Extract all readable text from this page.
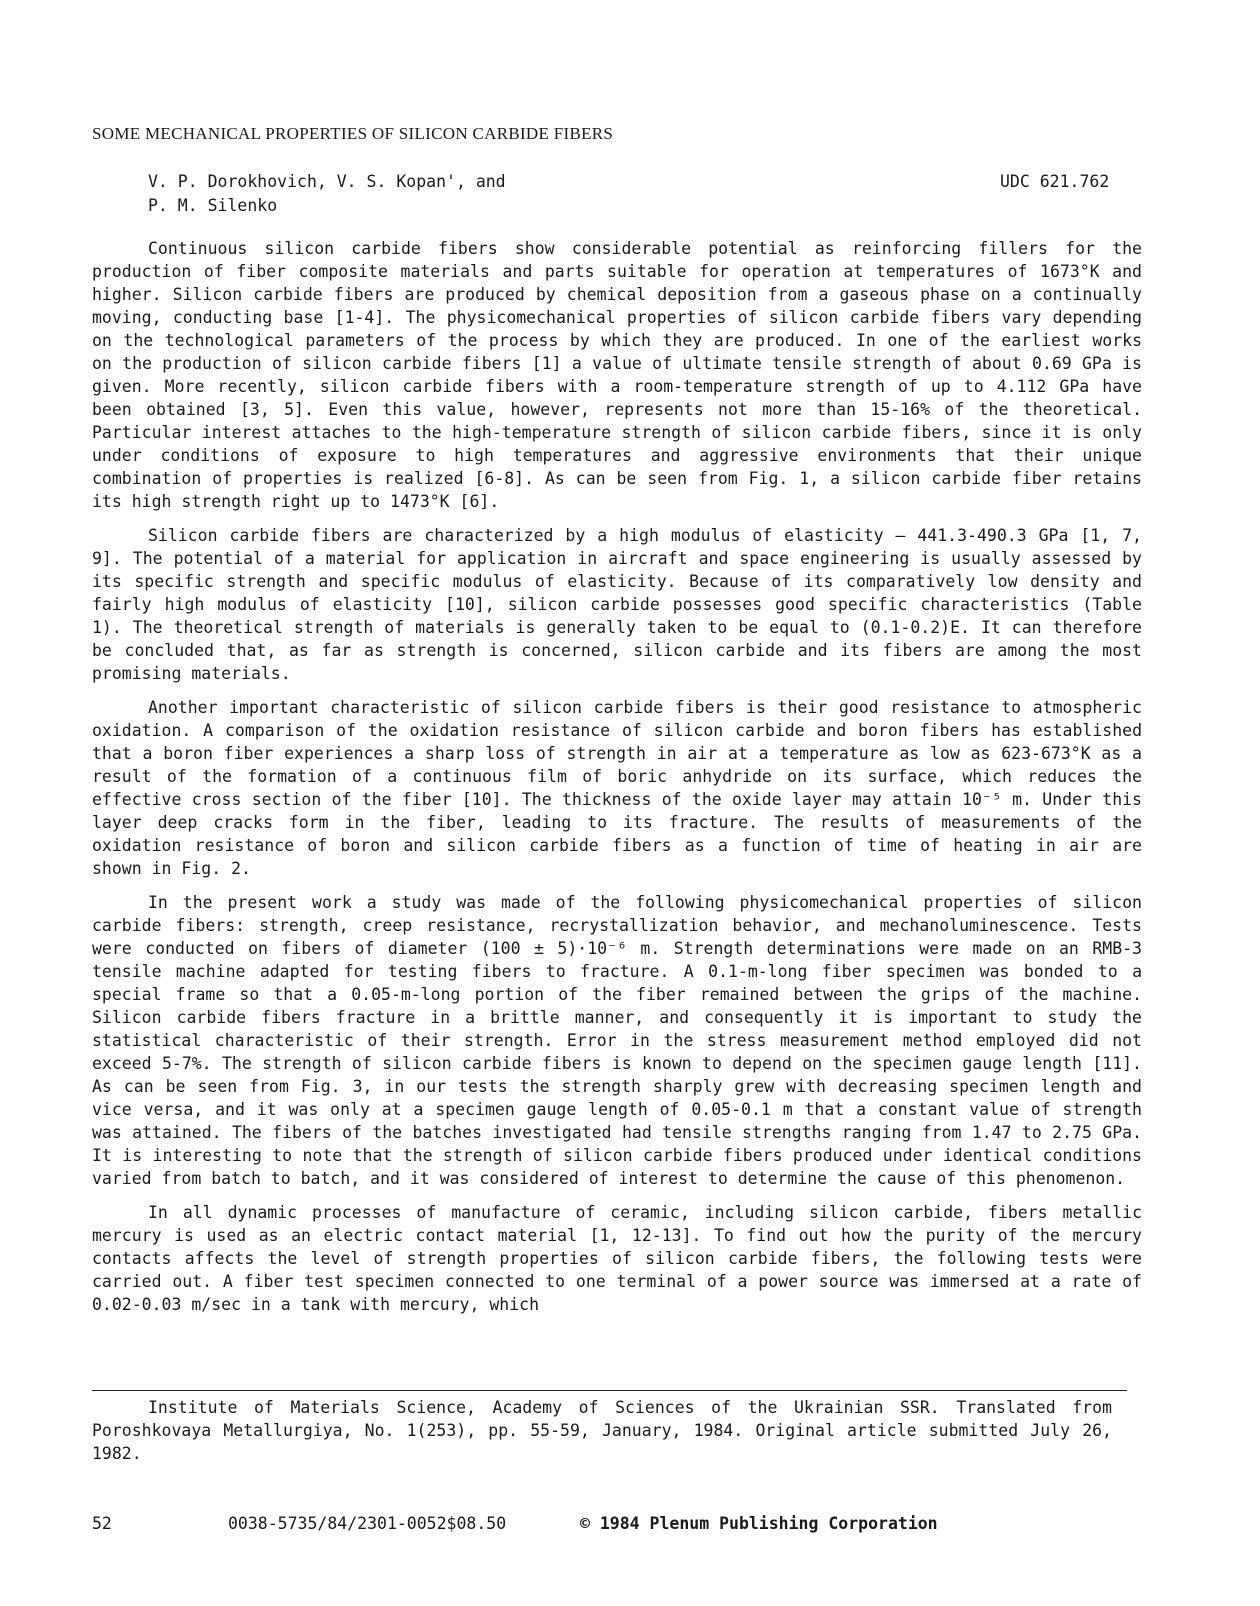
SOME MECHANICAL PROPERTIES OF SILICON CARBIDE FIBERS
V. P. Dorokhovich, V. S. Kopan', and P. M. Silenko
UDC 621.762

Continuous silicon carbide fibers show considerable potential as reinforcing fillers for the production of fiber composite materials and parts suitable for operation at temperatures of 1673°K and higher. Silicon carbide fibers are produced by chemical deposition from a gaseous phase on a continually moving, conducting base [1-4]. The physicomechanical properties of silicon carbide fibers vary depending on the technological parameters of the process by which they are produced. In one of the earliest works on the production of silicon carbide fibers [1] a value of ultimate tensile strength of about 0.69 GPa is given. More recently, silicon carbide fibers with a room-temperature strength of up to 4.112 GPa have been obtained [3, 5]. Even this value, however, represents not more than 15-16% of the theoretical. Particular interest attaches to the high-temperature strength of silicon carbide fibers, since it is only under conditions of exposure to high temperatures and aggressive environments that their unique combination of properties is realized [6-8]. As can be seen from Fig. 1, a silicon carbide fiber retains its high strength right up to 1473°K [6].

Silicon carbide fibers are characterized by a high modulus of elasticity — 441.3-490.3 GPa [1, 7, 9]. The potential of a material for application in aircraft and space engineering is usually assessed by its specific strength and specific modulus of elasticity. Because of its comparatively low density and fairly high modulus of elasticity [10], silicon carbide possesses good specific characteristics (Table 1). The theoretical strength of materials is generally taken to be equal to (0.1-0.2)E. It can therefore be concluded that, as far as strength is concerned, silicon carbide and its fibers are among the most promising materials.

Another important characteristic of silicon carbide fibers is their good resistance to atmospheric oxidation. A comparison of the oxidation resistance of silicon carbide and boron fibers has established that a boron fiber experiences a sharp loss of strength in air at a temperature as low as 623-673°K as a result of the formation of a continuous film of boric anhydride on its surface, which reduces the effective cross section of the fiber [10]. The thickness of the oxide layer may attain 10⁻⁵ m. Under this layer deep cracks form in the fiber, leading to its fracture. The results of measurements of the oxidation resistance of boron and silicon carbide fibers as a function of time of heating in air are shown in Fig. 2.

In the present work a study was made of the following physicomechanical properties of silicon carbide fibers: strength, creep resistance, recrystallization behavior, and mechanoluminescence. Tests were conducted on fibers of diameter (100 ± 5)·10⁻⁶ m. Strength determinations were made on an RMB-3 tensile machine adapted for testing fibers to fracture. A 0.1-m-long fiber specimen was bonded to a special frame so that a 0.05-m-long portion of the fiber remained between the grips of the machine. Silicon carbide fibers fracture in a brittle manner, and consequently it is important to study the statistical characteristic of their strength. Error in the stress measurement method employed did not exceed 5-7%. The strength of silicon carbide fibers is known to depend on the specimen gauge length [11]. As can be seen from Fig. 3, in our tests the strength sharply grew with decreasing specimen length and vice versa, and it was only at a specimen gauge length of 0.05-0.1 m that a constant value of strength was attained. The fibers of the batches investigated had tensile strengths ranging from 1.47 to 2.75 GPa. It is interesting to note that the strength of silicon carbide fibers produced under identical conditions varied from batch to batch, and it was considered of interest to determine the cause of this phenomenon.

In all dynamic processes of manufacture of ceramic, including silicon carbide, fibers metallic mercury is used as an electric contact material [1, 12-13]. To find out how the purity of the mercury contacts affects the level of strength properties of silicon carbide fibers, the following tests were carried out. A fiber test specimen connected to one terminal of a power source was immersed at a rate of 0.02-0.03 m/sec in a tank with mercury, which

Institute of Materials Science, Academy of Sciences of the Ukrainian SSR. Translated from Poroshkovaya Metallurgiya, No. 1(253), pp. 55-59, January, 1984. Original article submitted July 26, 1982.
52	0038-5735/84/2301-0052$08.50	© 1984 Plenum Publishing Corporation
